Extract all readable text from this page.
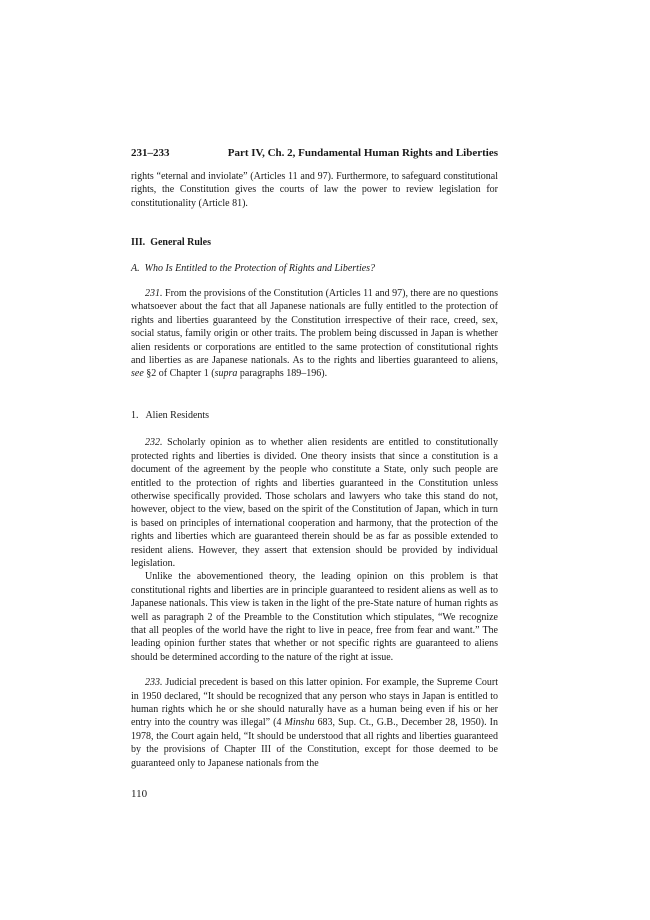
231–233	Part IV, Ch. 2, Fundamental Human Rights and Liberties

rights “eternal and inviolate” (Articles 11 and 97). Furthermore, to safeguard constitutional rights, the Constitution gives the courts of law the power to review legislation for constitutionality (Article 81).

III. General Rules
A. Who Is Entitled to the Protection of Rights and Liberties?

231. From the provisions of the Constitution (Articles 11 and 97), there are no questions whatsoever about the fact that all Japanese nationals are fully entitled to the protection of rights and liberties guaranteed by the Constitution irrespective of their race, creed, sex, social status, family origin or other traits. The problem being discussed in Japan is whether alien residents or corporations are entitled to the same protection of constitutional rights and liberties as are Japanese nationals. As to the rights and liberties guaranteed to aliens, see §2 of Chapter 1 (supra paragraphs 189–196).

1. Alien Residents

232. Scholarly opinion as to whether alien residents are entitled to constitutionally protected rights and liberties is divided. One theory insists that since a constitution is a document of the agreement by the people who constitute a State, only such people are entitled to the protection of rights and liberties guaranteed in the Constitution unless otherwise specifically provided. Those scholars and lawyers who take this stand do not, however, object to the view, based on the spirit of the Constitution of Japan, which in turn is based on principles of international cooperation and harmony, that the protection of the rights and liberties which are guaranteed therein should be as far as possible extended to resident aliens. However, they assert that extension should be provided by individual legislation.

Unlike the abovementioned theory, the leading opinion on this problem is that constitutional rights and liberties are in principle guaranteed to resident aliens as well as to Japanese nationals. This view is taken in the light of the pre-State nature of human rights as well as paragraph 2 of the Preamble to the Constitution which stipulates, “We recognize that all peoples of the world have the right to live in peace, free from fear and want.” The leading opinion further states that whether or not specific rights are guaranteed to aliens should be determined according to the nature of the right at issue.

233. Judicial precedent is based on this latter opinion. For example, the Supreme Court in 1950 declared, “It should be recognized that any person who stays in Japan is entitled to human rights which he or she should naturally have as a human being even if his or her entry into the country was illegal” (4 Minshu 683, Sup. Ct., G.B., December 28, 1950). In 1978, the Court again held, “It should be understood that all rights and liberties guaranteed by the provisions of Chapter III of the Constitution, except for those deemed to be guaranteed only to Japanese nationals from the

110
